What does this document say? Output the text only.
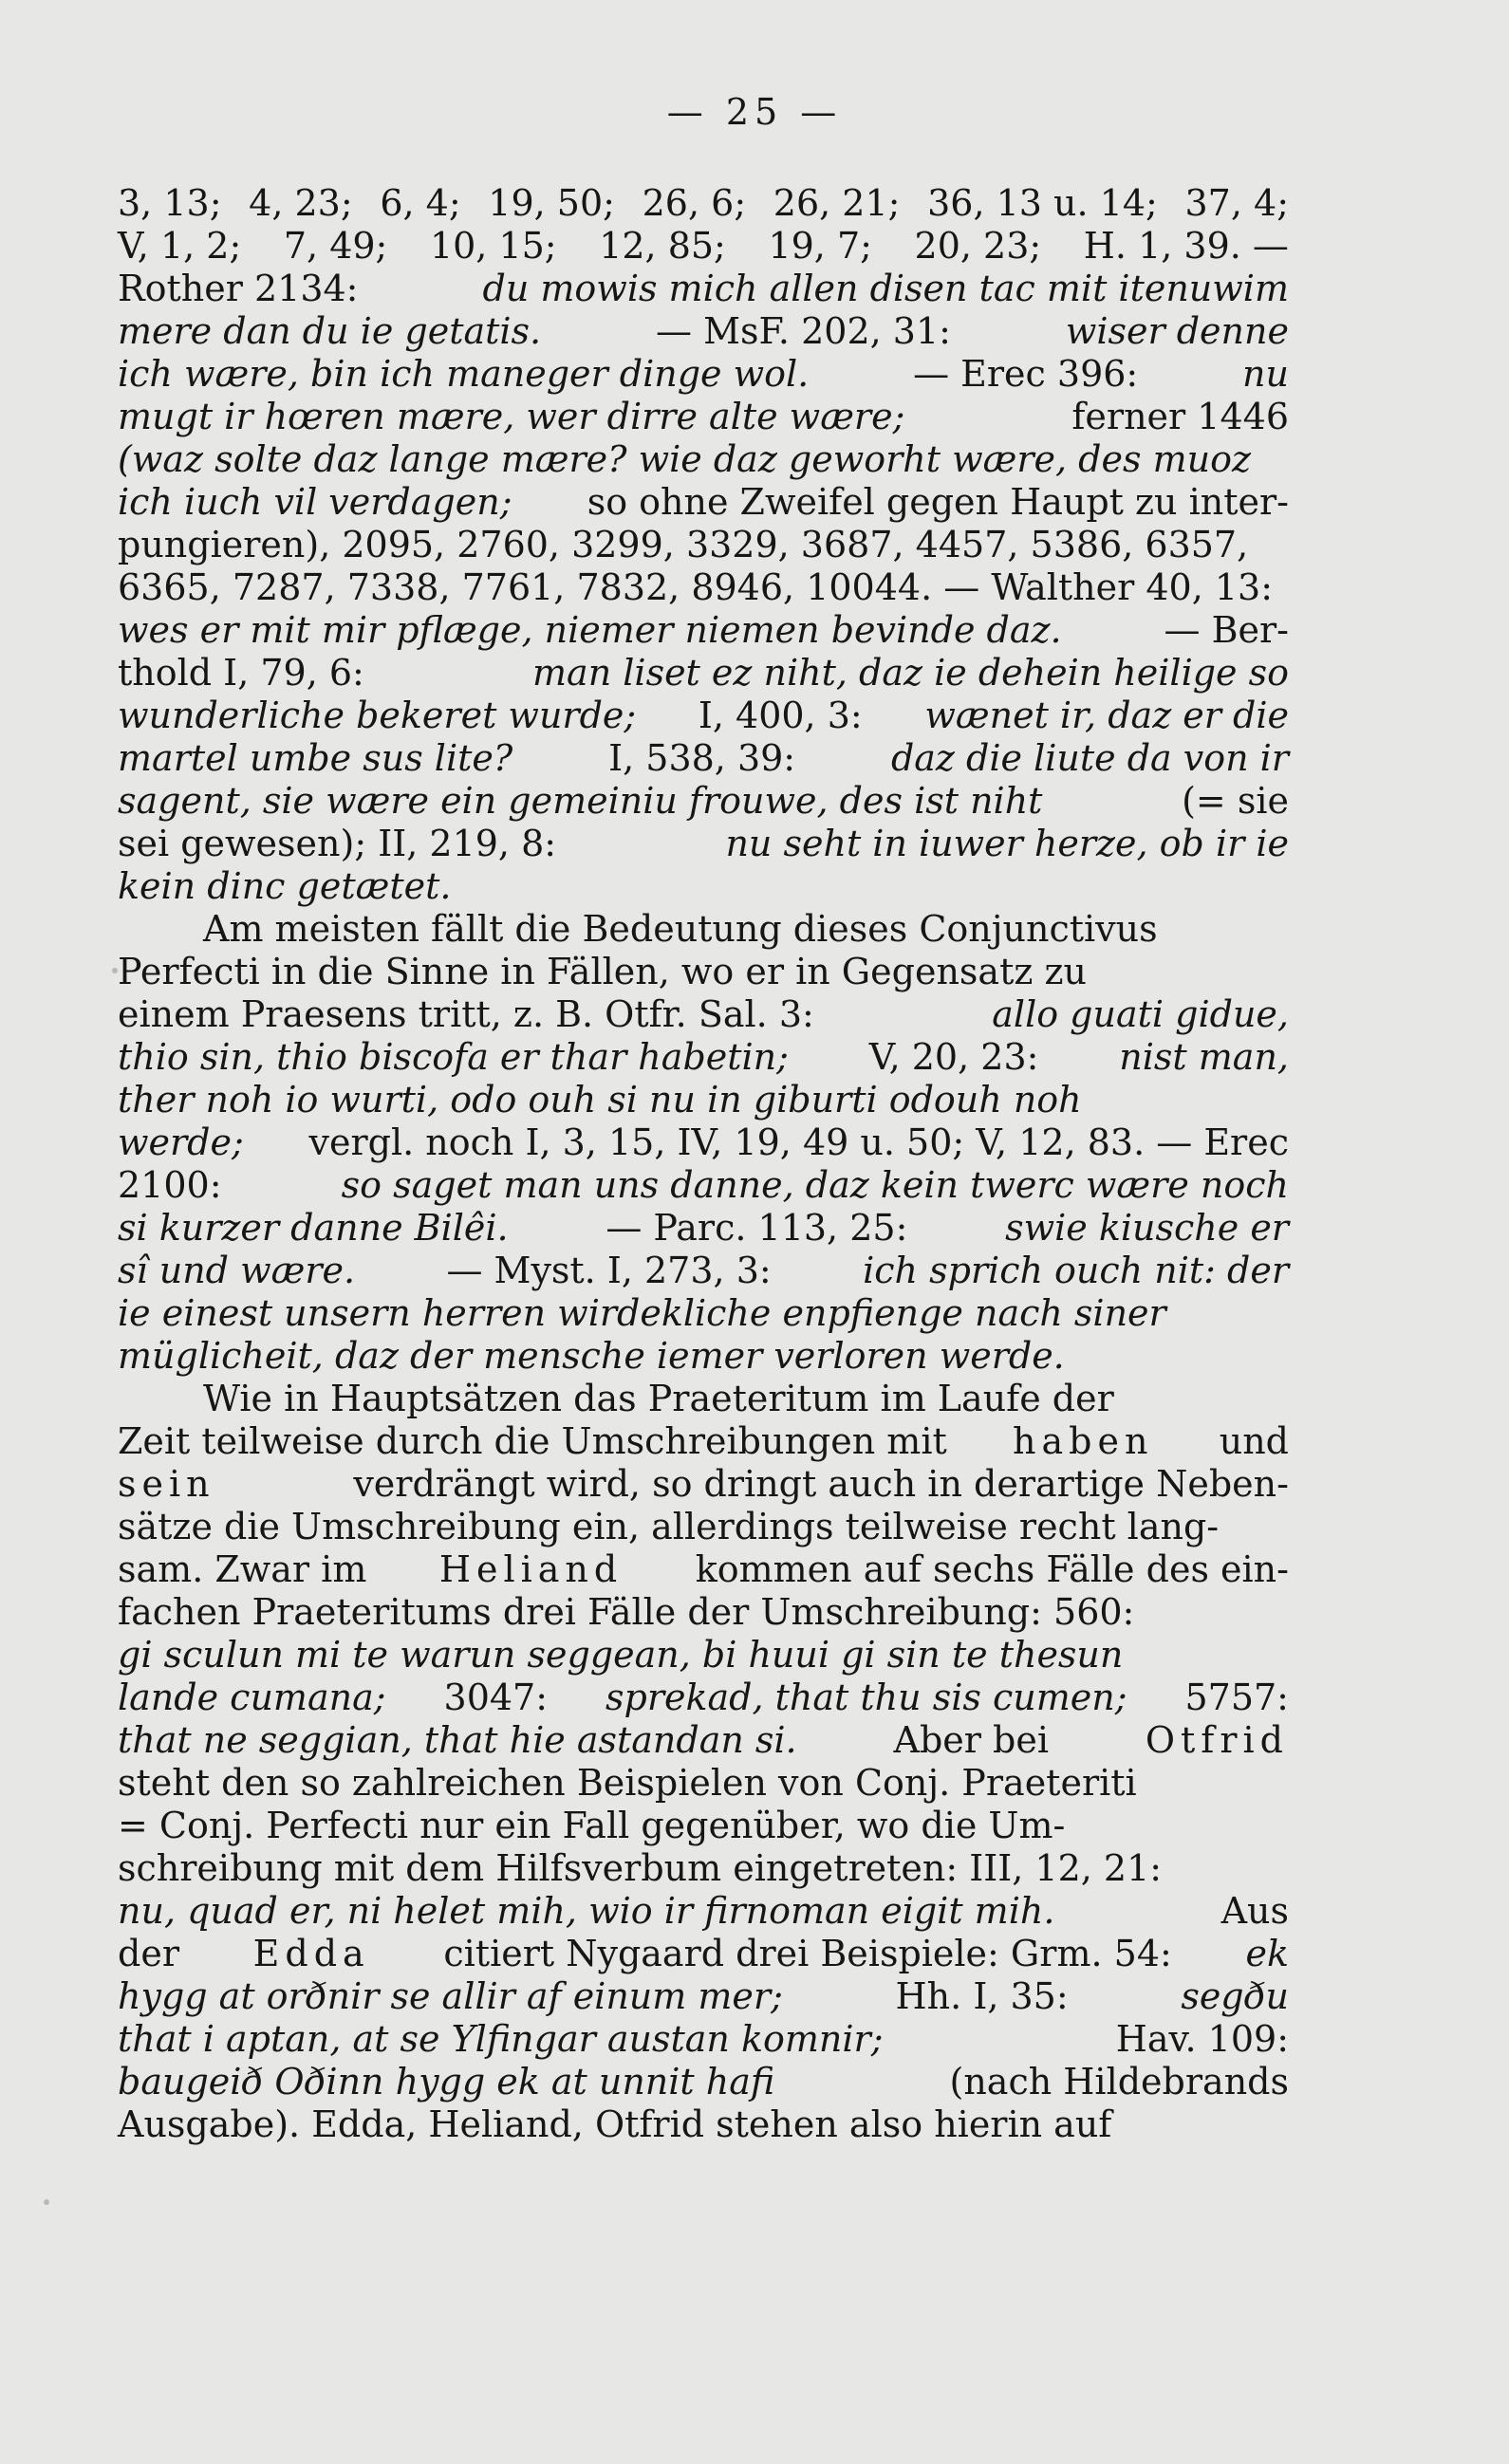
— 25 —
3, 13; 4, 23; 6, 4; 19, 50; 26, 6; 26, 21; 36, 13 u. 14; 37, 4;
V, 1, 2; 7, 49; 10, 15; 12, 85; 19, 7; 20, 23; H. 1, 39. —
Rother 2134:	du mowis mich allen disen tac mit itenuwim
mere dan du ie getatis.	— MsF. 202, 31:	wiser denne
ich wære, bin ich maneger dinge wol.	— Erec 396:	nu
mugt ir hœren mære, wer dirre alte wære;	ferner 1446
(waz solte daz lange mære? wie daz geworht wære, des muoz
ich iuch vil verdagen; so ohne Zweifel gegen Haupt zu inter-
pungieren), 2095, 2760, 3299, 3329, 3687, 4457, 5386, 6357,
6365, 7287, 7338, 7761, 7832, 8946, 10044. — Walther 40, 13:
wes er mit mir pflæge, niemer niemen bevinde daz.	— Ber-
thold I, 79, 6:	man liset ez niht, daz ie dehein heilige so
wunderliche bekeret wurde; I, 400, 3: wænet ir, daz er die
martel umbe sus lite?	I, 538, 39:	daz die liute da von ir
sagent, sie wære ein gemeiniu frouwe, des ist niht	(= sie
sei gewesen); II, 219, 8:	nu seht in iuwer herze, ob ir ie
kein dinc getætet.
Am meisten fällt die Bedeutung dieses Conjunctivus
Perfecti in die Sinne in Fällen, wo er in Gegensatz zu
einem Praesens tritt, z. B. Otfr. Sal. 3:	allo guati gidue,
thio sin, thio biscofa er thar habetin; V, 20, 23: nist man,
ther noh io wurti, odo ouh si nu in giburti odouh noh
werde; vergl. noch I, 3, 15, IV, 19, 49 u. 50; V, 12, 83. — Erec
2100:	so saget man uns danne, daz kein twerc wære noch
si kurzer danne Bilêi.	— Parc. 113, 25:	swie kiusche er
sî und wære.	— Myst. I, 273, 3:	ich sprich ouch nit: der
ie einest unsern herren wirdekliche enpfienge nach siner
müglicheit, daz der mensche iemer verloren werde.
Wie in Hauptsätzen das Praeteritum im Laufe der
Zeit teilweise durch die Umschreibungen mit haben und
sein	verdrängt wird, so dringt auch in derartige Neben-
sätze die Umschreibung ein, allerdings teilweise recht lang-
sam. Zwar im Heliand kommen auf sechs Fälle des ein-
fachen Praeteritums drei Fälle der Umschreibung: 560:
gi sculun mi te warun seggean, bi huui gi sin te thesun
lande cumana; 3047: sprekad, that thu sis cumen; 5757:
that ne seggian, that hie astandan si.	Aber bei	Otfrid
steht den so zahlreichen Beispielen von Conj. Praeteriti
= Conj. Perfecti nur ein Fall gegenüber, wo die Um-
schreibung mit dem Hilfsverbum eingetreten: III, 12, 21:
nu, quad er, ni helet mih, wio ir firnoman eigit mih.	Aus
der Edda citiert Nygaard drei Beispiele: Grm. 54: ek
hygg at orðnir se allir af einum mer;	Hh. I, 35:	segðu
that i aptan, at se Ylfingar austan komnir;	Hav. 109:
baugeið Oðinn hygg ek at unnit hafi	(nach Hildebrands
Ausgabe). Edda, Heliand, Otfrid stehen also hierin auf
